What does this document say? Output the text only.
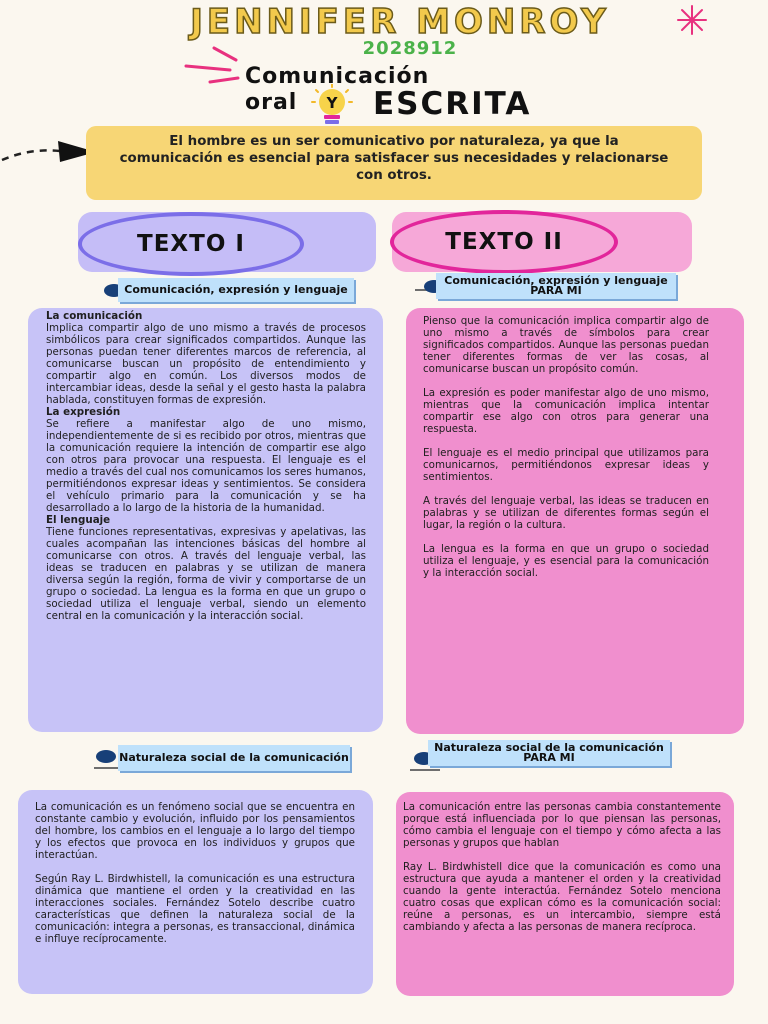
JENNIFER MONROY
2028912
Comunicación
oral Y ESCRITA

El hombre es un ser comunicativo por naturaleza, ya que la comunicación es esencial para satisfacer sus necesidades y relacionarse con otros.

TEXTO I	TEXTO II
Comunicación, expresión y lenguaje
Comunicación, expresión y lenguaje PARA MI

La comunicación

Implica compartir algo de uno mismo a través de procesos simbólicos para crear significados compartidos. Aunque las personas puedan tener diferentes marcos de referencia, al comunicarse buscan un propósito de entendimiento y compartir algo en común. Los diversos modos de intercambiar ideas, desde la señal y el gesto hasta la palabra hablada, constituyen formas de expresión.

La expresión

Se refiere a manifestar algo de uno mismo, independientemente de si es recibido por otros, mientras que la comunicación requiere la intención de compartir ese algo con otros para provocar una respuesta. El lenguaje es el medio a través del cual nos comunicamos los seres humanos, permitiéndonos expresar ideas y sentimientos. Se considera el vehículo primario para la comunicación y se ha desarrollado a lo largo de la historia de la humanidad.

El lenguaje

Tiene funciones representativas, expresivas y apelativas, las cuales acompañan las intenciones básicas del hombre al comunicarse con otros. A través del lenguaje verbal, las ideas se traducen en palabras y se utilizan de manera diversa según la región, forma de vivir y comportarse de un grupo o sociedad. La lengua es la forma en que un grupo o sociedad utiliza el lenguaje verbal, siendo un elemento central en la comunicación y la interacción social.

Pienso que la comunicación implica compartir algo de uno mismo a través de símbolos para crear significados compartidos. Aunque las personas puedan tener diferentes formas de ver las cosas, al comunicarse buscan un propósito común.

La expresión es poder manifestar algo de uno mismo, mientras que la comunicación implica intentar compartir ese algo con otros para generar una respuesta.

El lenguaje es el medio principal que utilizamos para comunicarnos, permitiéndonos expresar ideas y sentimientos.

A través del lenguaje verbal, las ideas se traducen en palabras y se utilizan de diferentes formas según el lugar, la región o la cultura.

La lengua es la forma en que un grupo o sociedad utiliza el lenguaje, y es esencial para la comunicación y la interacción social.

Naturaleza social de la comunicación
Naturaleza social de la comunicación PARA MI

La comunicación es un fenómeno social que se encuentra en constante cambio y evolución, influido por los pensamientos del hombre, los cambios en el lenguaje a lo largo del tiempo y los efectos que provoca en los individuos y grupos que interactúan.

Según Ray L. Birdwhistell, la comunicación es una estructura dinámica que mantiene el orden y la creatividad en las interacciones sociales. Fernández Sotelo describe cuatro características que definen la naturaleza social de la comunicación: integra a personas, es transaccional, dinámica e influye recíprocamente.

La comunicación entre las personas cambia constantemente porque está influenciada por lo que piensan las personas, cómo cambia el lenguaje con el tiempo y cómo afecta a las personas y grupos que hablan

Ray L. Birdwhistell dice que la comunicación es como una estructura que ayuda a mantener el orden y la creatividad cuando la gente interactúa. Fernández Sotelo menciona cuatro cosas que explican cómo es la comunicación social: reúne a personas, es un intercambio, siempre está cambiando y afecta a las personas de manera recíproca.
